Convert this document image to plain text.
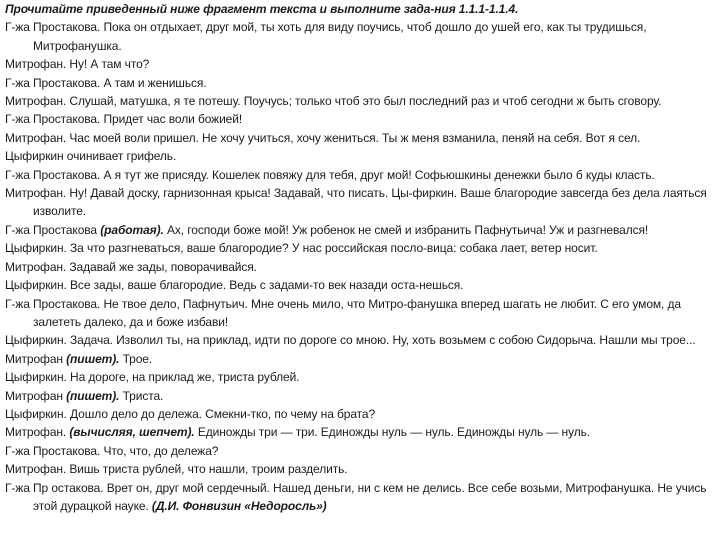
Прочитайте приведенный ниже фрагмент текста и выполните зада-ния 1.1.1-1.1.4.
Г-жа Простакова. Пока он отдыхает, друг мой, ты хоть для виду поучись, чтоб дошло до ушей его, как ты трудишься, Митрофанушка.
Митрофан. Ну! А там что?
Г-жа Простакова. А там и женишься.
Митрофан. Слушай, матушка, я те потешу. Поучусь; только чтоб это был последний раз и чтоб сегодни ж быть сговору.
Г-жа Простакова. Придет час воли божией!
Митрофан. Час моей воли пришел. Не хочу учиться, хочу жениться. Ты ж меня взманила, пеняй на себя. Вот я сел.
Цыфиркин очинивает грифель.
Г-жа Простакова. А я тут же присяду. Кошелек повяжу для тебя, друг мой! Софьюшкины денежки было б куды класть.
Митрофан. Ну! Давай доску, гарнизонная крыса! Задавай, что писать. Цы-фиркин. Ваше благородие завсегда без дела лаяться изволите.
Г-жа Простакова (работая). Ах, господи боже мой! Уж робенок не смей и избранить Пафнутьича! Уж и разгневался!
Цыфиркин. За что разгневаться, ваше благородие? У нас российская посло-вица: собака лает, ветер носит.
Митрофан. Задавай же зады, поворачивайся.
Цыфиркин. Все зады, ваше благородие. Ведь с задами-то век назади оста-нешься.
Г-жа Простакова. Не твое дело, Пафнутьич. Мне очень мило, что Митро-фанушка вперед шагать не любит. С его умом, да залететь далеко, да и боже избави!
Цыфиркин. Задача. Изволил ты, на приклад, идти по дороге со мною. Ну, хоть возьмем с собою Сидорыча. Нашли мы трое...
Митрофан (пишет). Трое.
Цыфиркин. На дороге, на приклад же, триста рублей.
Митрофан (пишет). Триста.
Цыфиркин. Дошло дело до дележа. Смекни-тко, по чему на брата?
Митрофан. (вычисляя, шепчет). Единожды три — три. Единожды нуль — нуль. Единожды нуль — нуль.
Г-жа Простакова. Что, что, до дележа?
Митрофан. Вишь триста рублей, что нашли, троим разделить.
Г-жа Пр остакова. Врет он, друг мой сердечный. Нашед деньги, ни с кем не делись. Все себе возьми, Митрофанушка. Не учись этой дурацкой науке. (Д.И. Фонвизин «Недоросль»)
